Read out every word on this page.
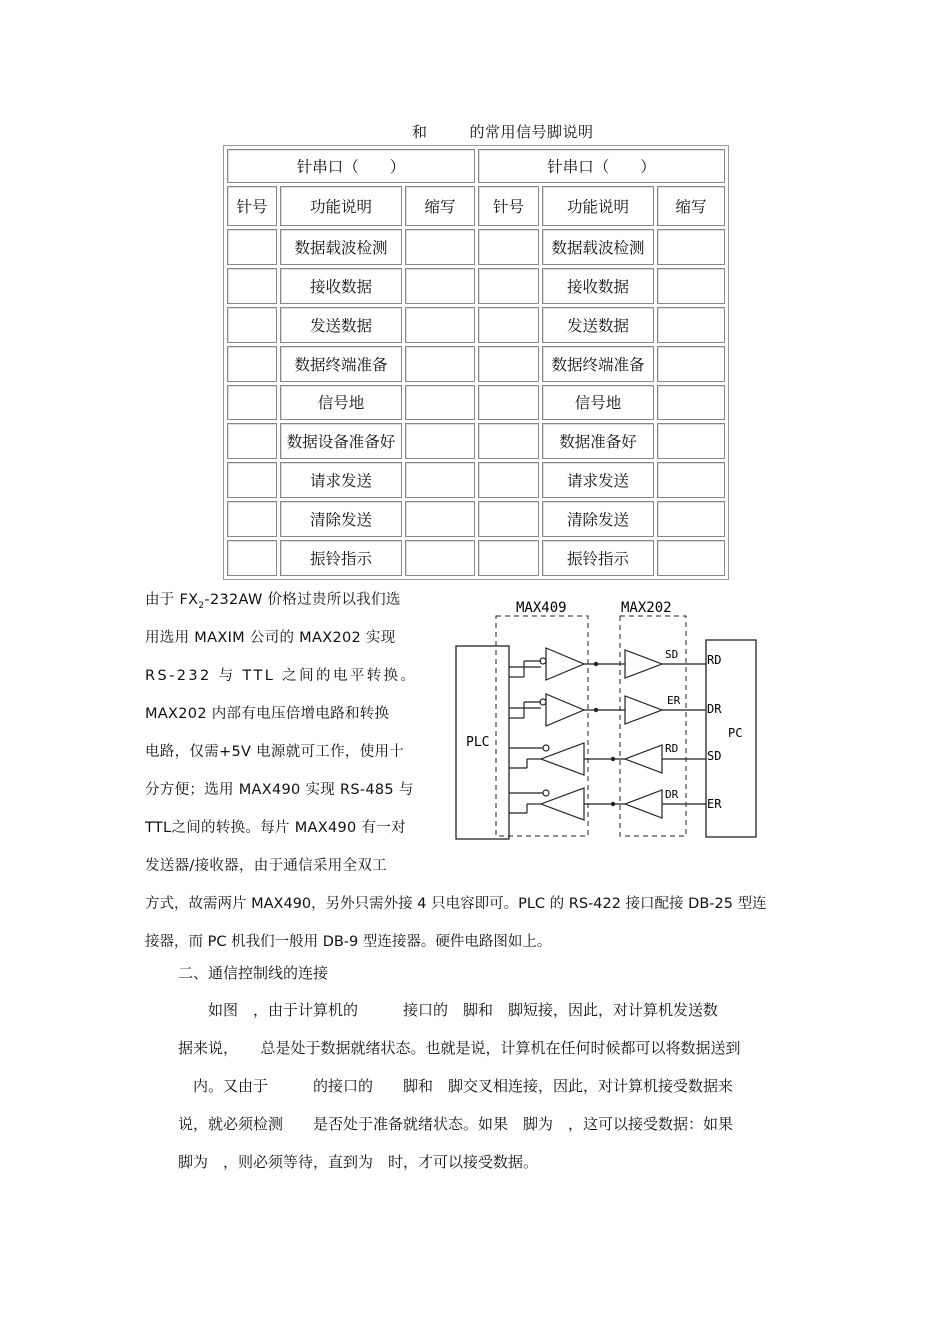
和	的常用信号脚说明
针串口（　　）			针串口（　　）		
针号	功能说明	缩写	针号	功能说明	缩写
	数据载波检测			数据载波检测	
	接收数据			接收数据	
	发送数据			发送数据	
	数据终端准备			数据终端准备	
	信号地			信号地	
	数据设备准备好			数据准备好	
	请求发送			请求发送	
	清除发送			清除发送	
	振铃指示			振铃指示	
由于 $FX_2-232AW$ 价格过贵所以我们选
用选用 MAXIM 公司的 MAX202 实现
RS-232 与 TTL 之间的电平转换。
MAX202 内部有电压倍增电路和转换
电路，仅需+5V 电源就可工作，使用十
分方便；选用 MAX490 实现 RS-485 与
TTL之间的转换。每片 MAX490 有一对
发送器/接收器，由于通信采用全双工
方式，故需两片 MAX490，另外只需外接 4 只电容即可。PLC 的 RS-422 接口配接 DB-25 型连
接器，而 PC 机我们一般用 DB-9 型连接器。硬件电路图如上。
MAX409	MAX202
PLC
PC
SD
ER
RD
DR
RD
DR
SD
ER
二、通信控制线的连接
　　如图　，由于计算机的　　　接口的　脚和　脚短接，因此，对计算机发送数
据来说，　　总是处于数据就绪状态。也就是说，计算机在任何时候都可以将数据送到
　内。又由于　　　的接口的　　脚和　脚交叉相连接，因此，对计算机接受数据来
说，就必须检测　　是否处于准备就绪状态。如果　脚为　，这可以接受数据：如果
脚为　，则必须等待，直到为　时，才可以接受数据。
